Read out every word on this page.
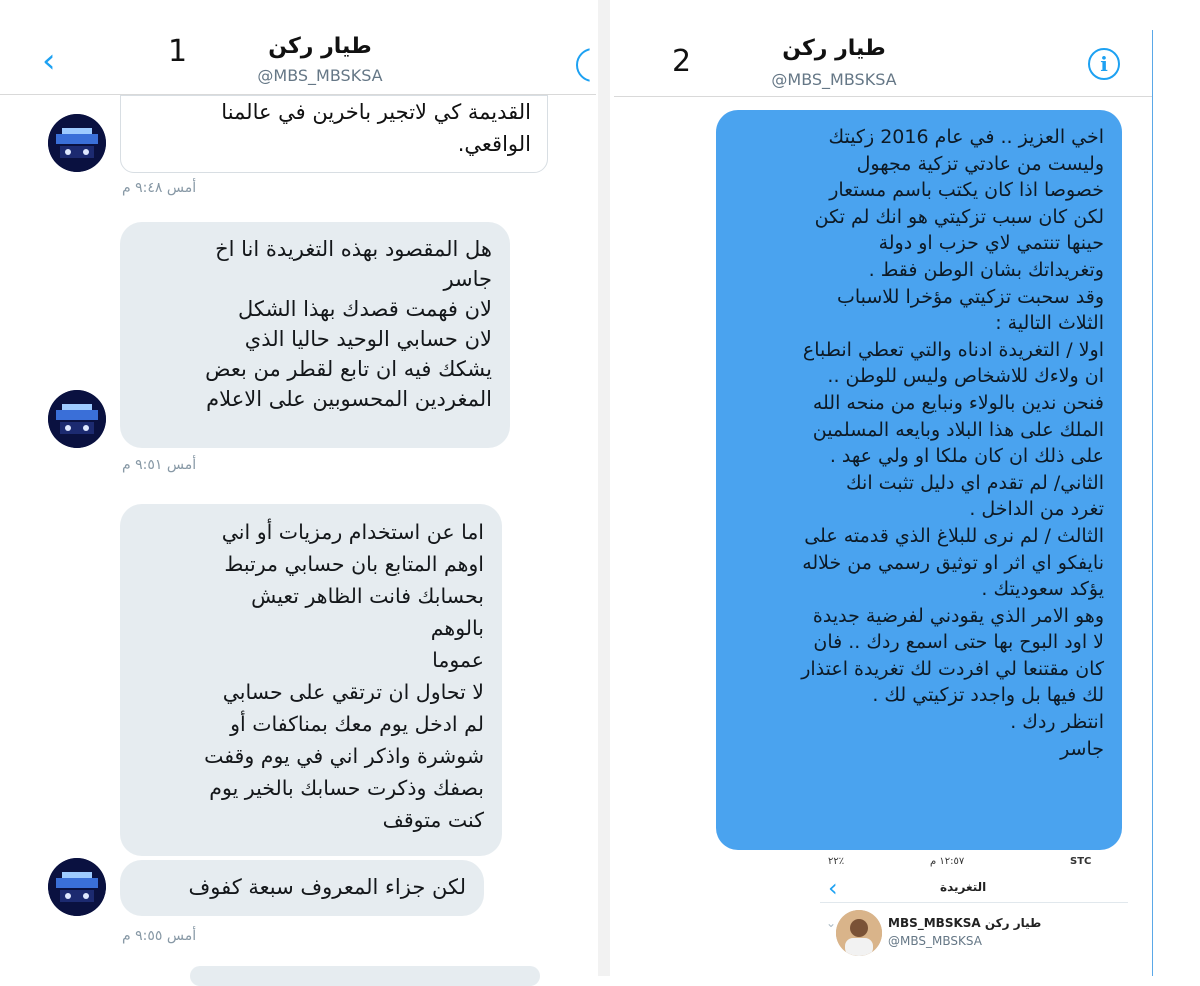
‹	1	طيار ركن
@MBS_MBSKSA
القديمة كي لاتجير باخرين في عالمنا
الواقعي.
أمس ٩:٤٨ م
هل المقصود بهذه التغريدة انا اخ
جاسر
لان فهمت قصدك بهذا الشكل
لان حسابي الوحيد حاليا الذي
يشكك فيه ان تابع لقطر من بعض
المغردين المحسوبين على الاعلام
أمس ٩:٥١ م
اما عن استخدام رمزيات أو اني
اوهم المتابع بان حسابي مرتبط
بحسابك فانت الظاهر تعيش
بالوهم
عموما
لا تحاول ان ترتقي على حسابي
لم ادخل يوم معك بمناكفات أو
شوشرة واذكر اني في يوم وقفت
بصفك وذكرت حسابك بالخير يوم
كنت متوقف
لكن جزاء المعروف سبعة كفوف
أمس ٩:٥٥ م
2	طيار ركن
@MBS_MBSKSA
i
اخي العزيز .. في عام 2016 زكيتك
وليست من عادتي تزكية مجهول
خصوصا اذا كان يكتب باسم مستعار
لكن كان سبب تزكيتي هو انك لم تكن
حينها تنتمي لاي حزب او دولة
وتغريداتك بشان الوطن فقط .
وقد سحبت تزكيتي مؤخرا للاسباب
الثلاث التالية :
اولا / التغريدة ادناه والتي تعطي انطباع
ان ولاءك للاشخاص وليس للوطن ..
فنحن ندين بالولاء ونبايع من منحه الله
الملك على هذا البلاد وبايعه المسلمين
على ذلك ان كان ملكا او ولي عهد .
الثاني/ لم تقدم اي دليل تثبت انك
تغرد من الداخل .
الثالث / لم نرى للبلاغ الذي قدمته على
نايفكو اي اثر او توثيق رسمي من خلاله
يؤكد سعوديتك .
وهو الامر الذي يقودني لفرضية جديدة
لا اود البوح بها حتى اسمع ردك .. فان
كان مقتنعا لي افردت لك تغريدة اعتذار
لك فيها بل واجدد تزكيتي لك .
انتظر ردك .
جاسر
٢٢٪	١٢:٥٧ م	STC
‹	التغريدة
⌄	طيار ركن MBS_MBSKSA
@MBS_MBSKSA
